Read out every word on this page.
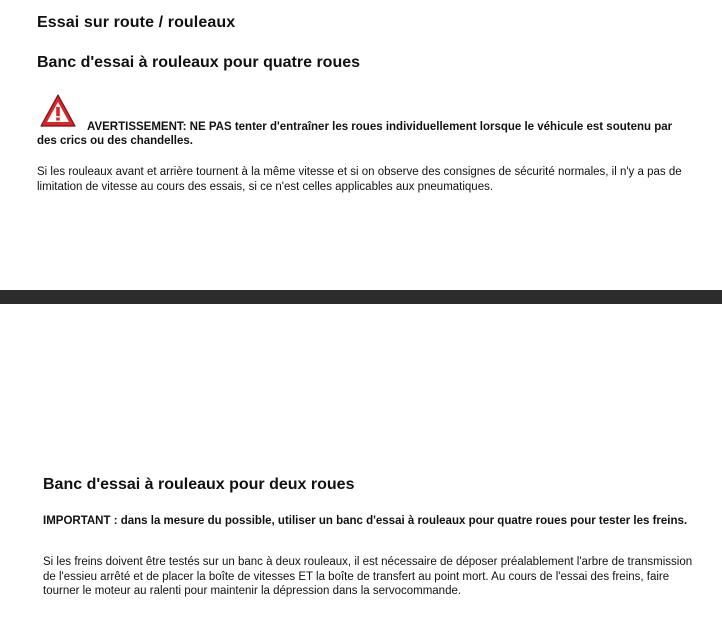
Essai sur route / rouleaux
Banc d'essai à rouleaux pour quatre roues
AVERTISSEMENT: NE PAS tenter d'entraîner les roues individuellement lorsque le véhicule est soutenu par des crics ou des chandelles.
Si les rouleaux avant et arrière tournent à la même vitesse et si on observe des consignes de sécurité normales, il n'y a pas de limitation de vitesse au cours des essais, si ce n'est celles applicables aux pneumatiques.
Banc d'essai à rouleaux pour deux roues
IMPORTANT : dans la mesure du possible, utiliser un banc d'essai à rouleaux pour quatre roues pour tester les freins.
Si les freins doivent être testés sur un banc à deux rouleaux, il est nécessaire de déposer préalablement l'arbre de transmission de l'essieu arrêté et de placer la boîte de vitesses ET la boîte de transfert au point mort. Au cours de l'essai des freins, faire tourner le moteur au ralenti pour maintenir la dépression dans la servocommande.
